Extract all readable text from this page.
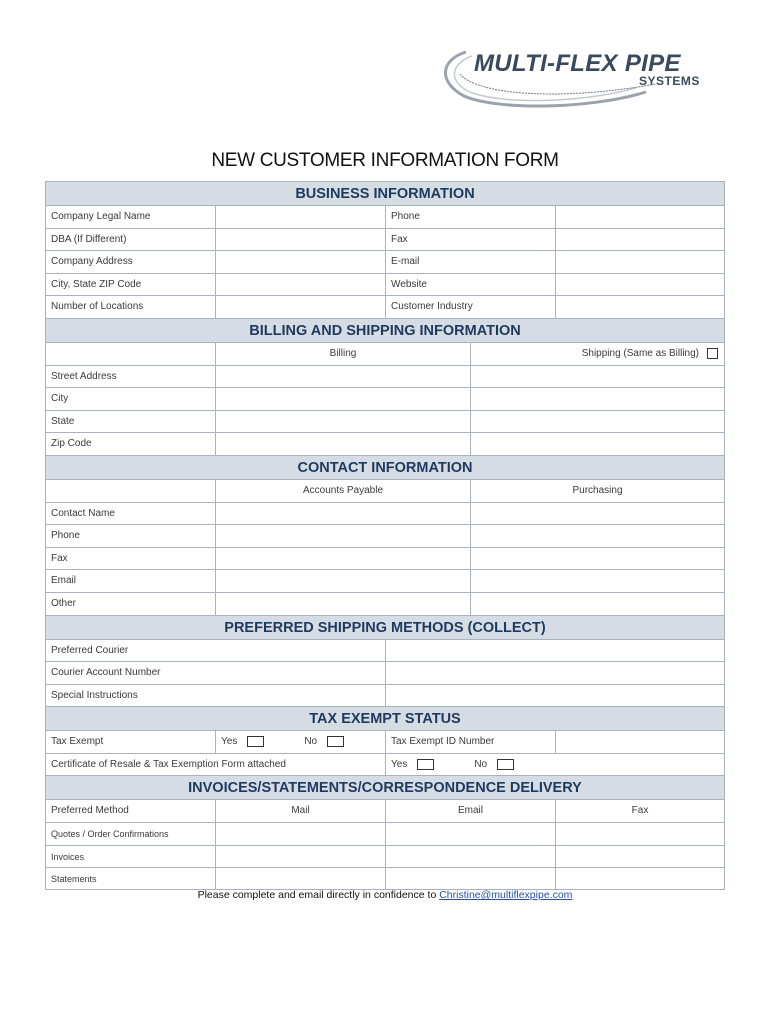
MULTI-FLEX PIPE
SYSTEMS
NEW CUSTOMER INFORMATION FORM
BUSINESS INFORMATION
Company Legal Name	Phone
DBA (If Different)	Fax
Company Address	E-mail
City, State ZIP Code	Website
Number of Locations	Customer Industry
BILLING AND SHIPPING INFORMATION
Billing	Shipping (Same as Billing)
Street Address
City
State
Zip Code
CONTACT INFORMATION
Accounts Payable	Purchasing
Contact Name
Phone
Fax
Email
Other
PREFERRED SHIPPING METHODS (COLLECT)
Preferred Courier
Courier Account Number
Special Instructions
TAX EXEMPT STATUS
Tax Exempt	Yes	No	Tax Exempt ID Number
Certificate of Resale & Tax Exemption Form attached	Yes	No
INVOICES/STATEMENTS/CORRESPONDENCE DELIVERY
Preferred Method	Mail	Email	Fax
Quotes / Order Confirmations
Invoices
Statements
Please complete and email directly in confidence to Christine@multiflexpipe.com
